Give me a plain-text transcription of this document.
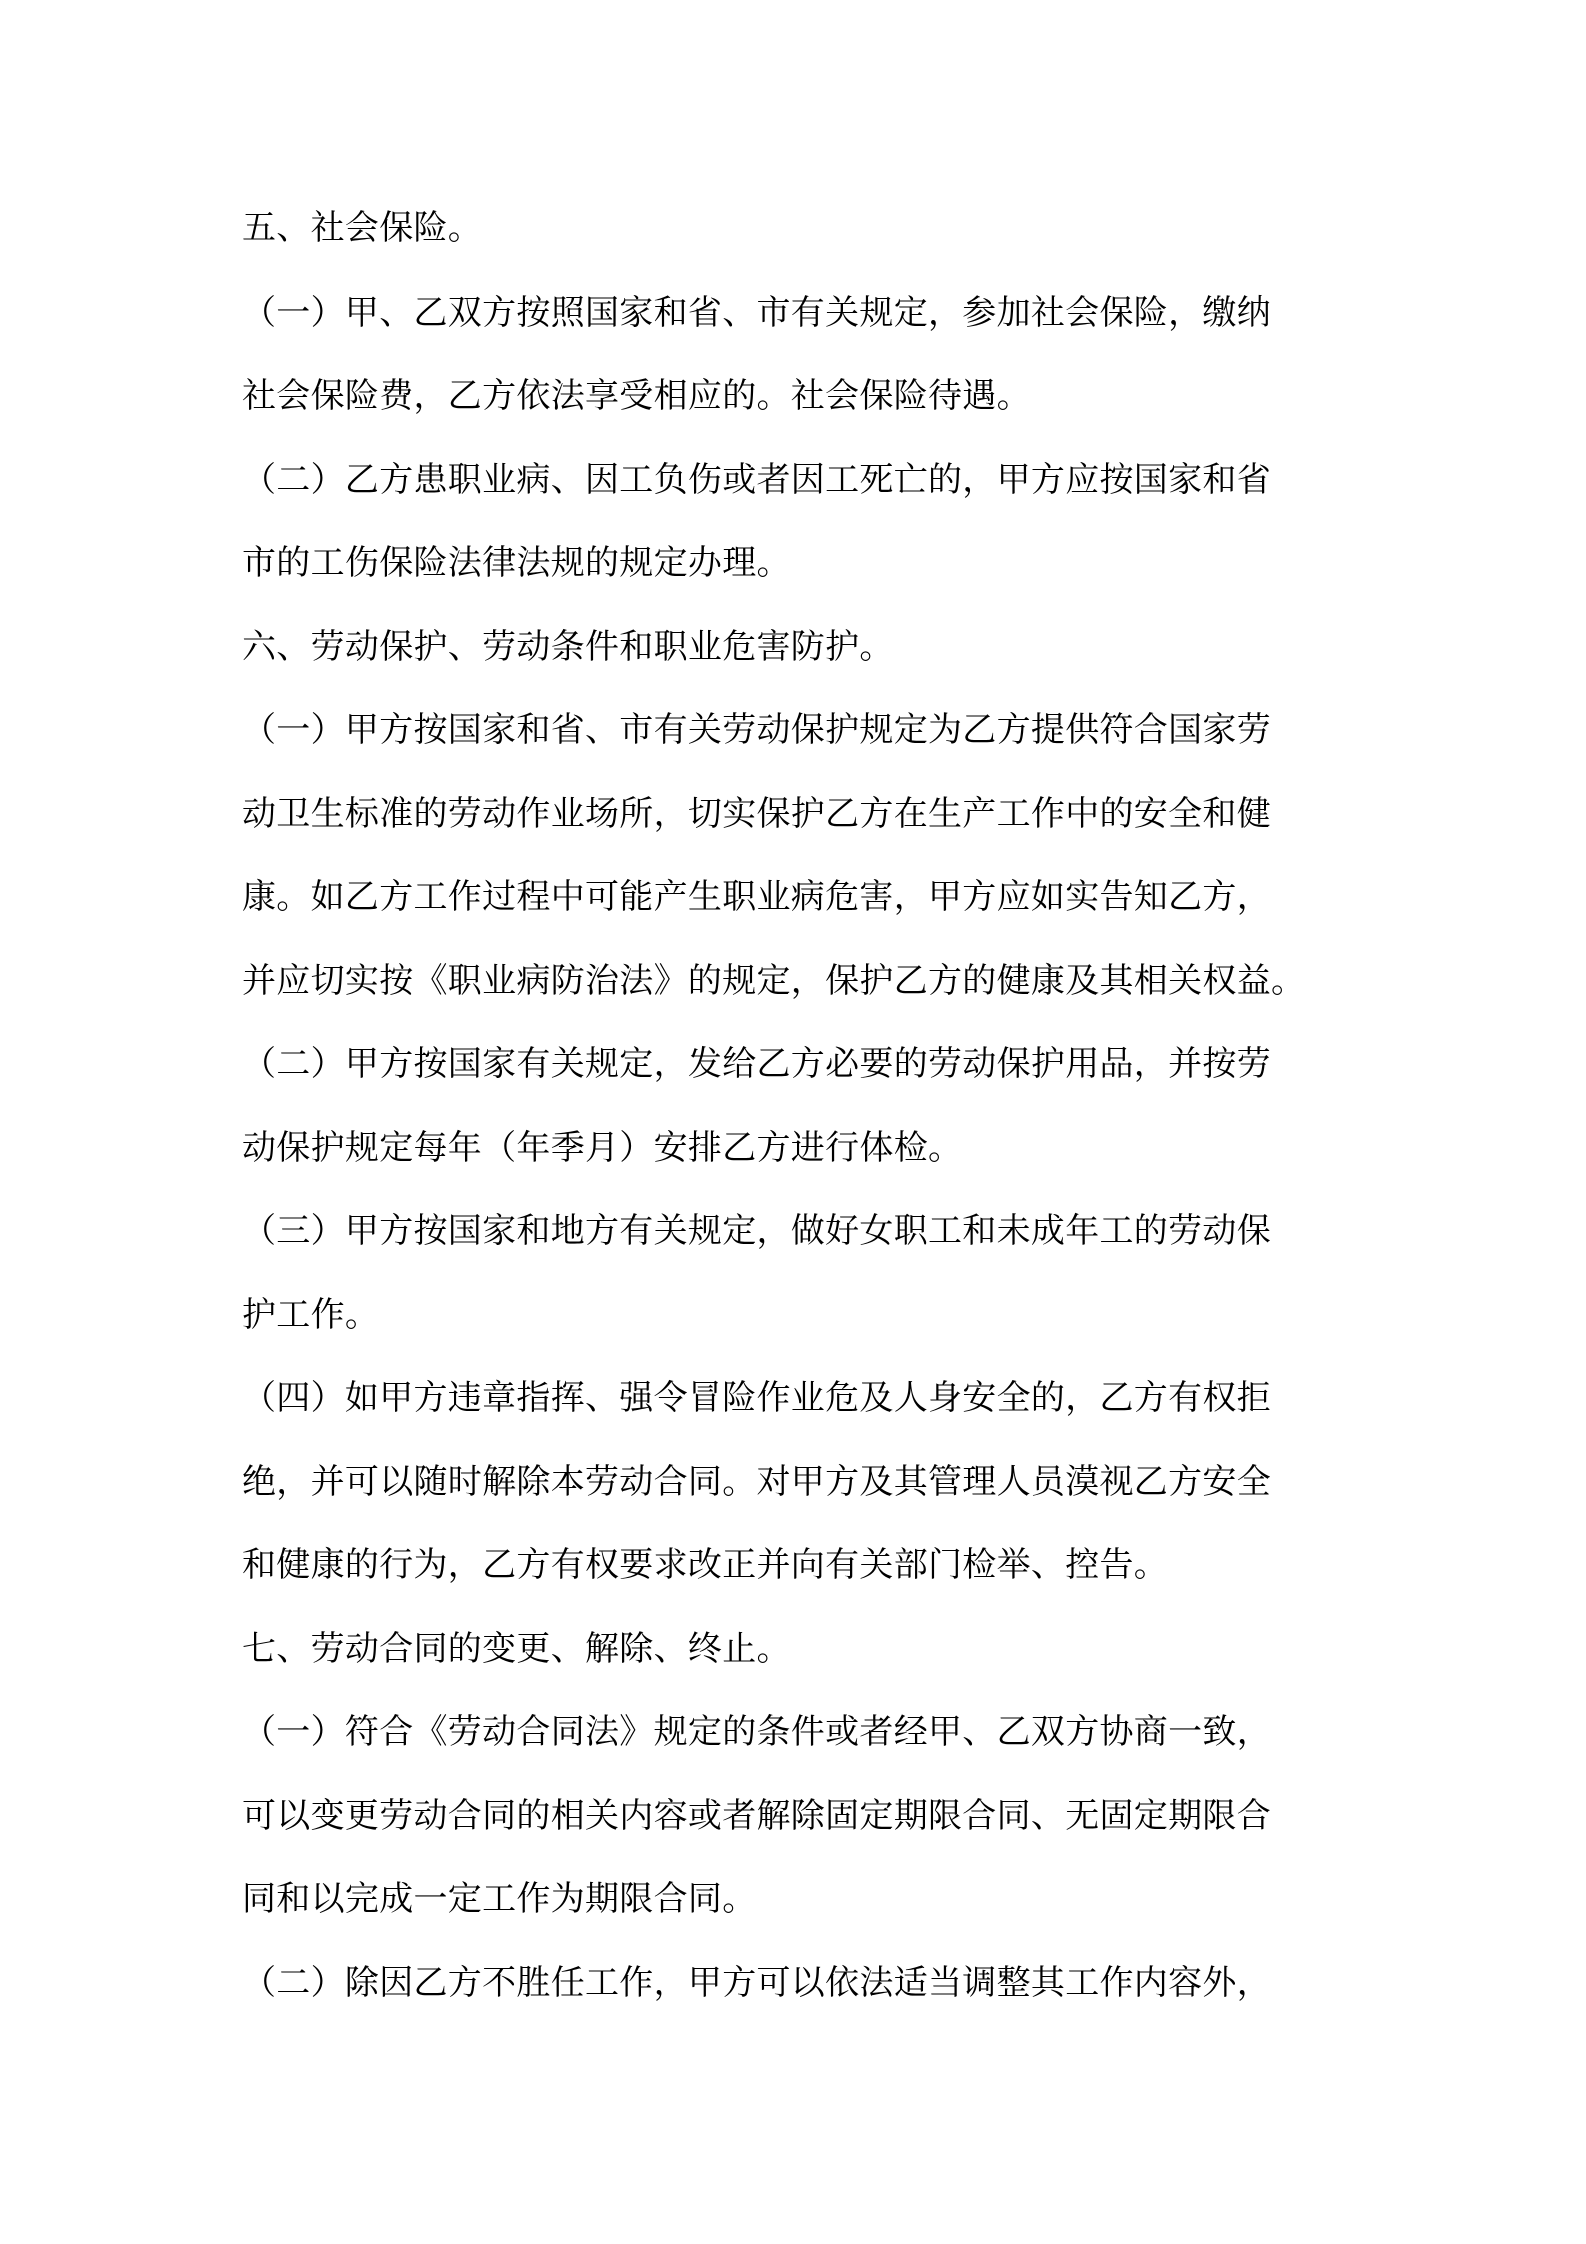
五、社会保险。
（一）甲、乙双方按照国家和省、市有关规定，参加社会保险，缴纳
社会保险费，乙方依法享受相应的。社会保险待遇。
（二）乙方患职业病、因工负伤或者因工死亡的，甲方应按国家和省
市的工伤保险法律法规的规定办理。
六、劳动保护、劳动条件和职业危害防护。
（一）甲方按国家和省、市有关劳动保护规定为乙方提供符合国家劳
动卫生标准的劳动作业场所，切实保护乙方在生产工作中的安全和健
康。如乙方工作过程中可能产生职业病危害，甲方应如实告知乙方，
并应切实按《职业病防治法》的规定，保护乙方的健康及其相关权益。
（二）甲方按国家有关规定，发给乙方必要的劳动保护用品，并按劳
动保护规定每年（年季月）安排乙方进行体检。
（三）甲方按国家和地方有关规定，做好女职工和未成年工的劳动保
护工作。
（四）如甲方违章指挥、强令冒险作业危及人身安全的，乙方有权拒
绝，并可以随时解除本劳动合同。对甲方及其管理人员漠视乙方安全
和健康的行为，乙方有权要求改正并向有关部门检举、控告。
七、劳动合同的变更、解除、终止。
（一）符合《劳动合同法》规定的条件或者经甲、乙双方协商一致，
可以变更劳动合同的相关内容或者解除固定期限合同、无固定期限合
同和以完成一定工作为期限合同。
（二）除因乙方不胜任工作，甲方可以依法适当调整其工作内容外，
